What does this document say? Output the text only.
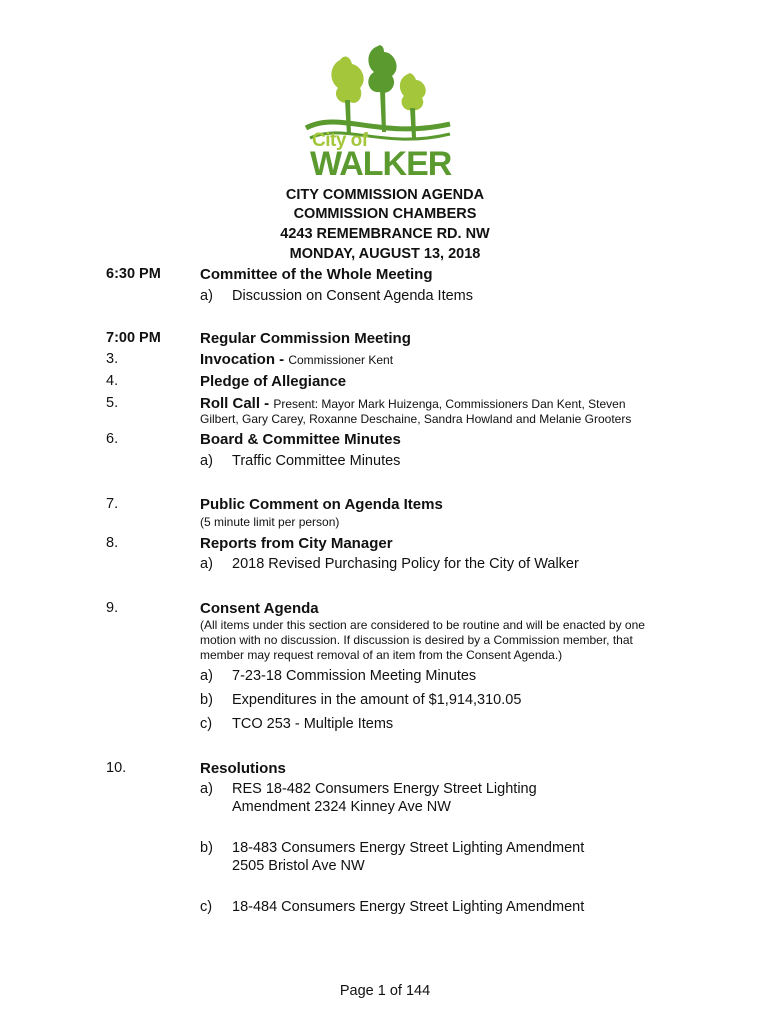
City of
WALKER
CITY COMMISSION AGENDA
COMMISSION CHAMBERS
4243 REMEMBRANCE RD. NW
MONDAY, AUGUST 13, 2018
6:30 PM	Committee of the Whole Meeting
a) Discussion on Consent Agenda Items
7:00 PM	Regular Commission Meeting
3.	Invocation - Commissioner Kent
4.	Pledge of Allegiance
5.	Roll Call - Present: Mayor Mark Huizenga, Commissioners Dan Kent, Steven
Gilbert, Gary Carey, Roxanne Deschaine, Sandra Howland and Melanie Grooters
6.	Board & Committee Minutes
a) Traffic Committee Minutes
7.	Public Comment on Agenda Items
(5 minute limit per person)
8.	Reports from City Manager
a) 2018 Revised Purchasing Policy for the City of Walker
9.	Consent Agenda
(All items under this section are considered to be routine and will be enacted by one
motion with no discussion. If discussion is desired by a Commission member, that
member may request removal of an item from the Consent Agenda.)
a) 7-23-18 Commission Meeting Minutes
b) Expenditures in the amount of $1,914,310.05
c) TCO 253 - Multiple Items
10.	Resolutions
a)	RES 18-482 Consumers Energy Street Lighting
Amendment 2324 Kinney Ave NW
b)	18-483 Consumers Energy Street Lighting Amendment
2505 Bristol Ave NW
c)	18-484 Consumers Energy Street Lighting Amendment
Page 1 of 144
